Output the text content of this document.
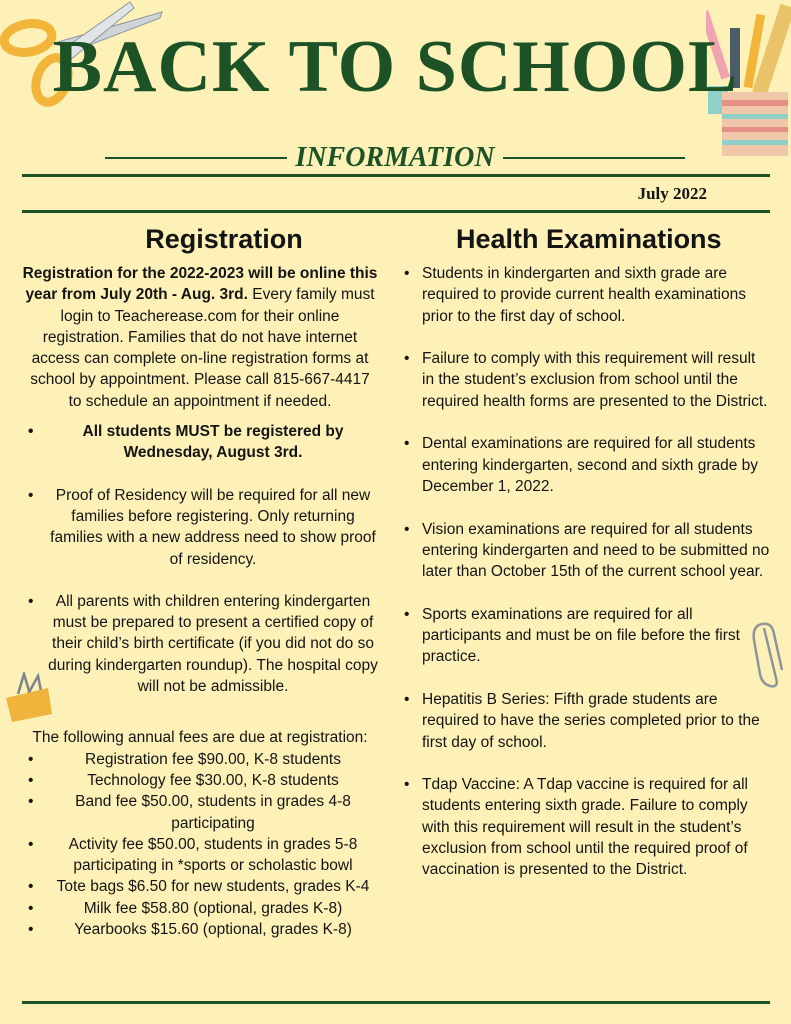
BACK TO SCHOOL
INFORMATION
July 2022
Registration	Health Examinations

Registration for the 2022-2023 will be online this year from July 20th - Aug. 3rd. Every family must login to Teacherease.com for their online registration. Families that do not have internet access can complete on-line registration forms at school by appointment. Please call 815-667-4417 to schedule an appointment if needed.

• All students MUST be registered by Wednesday, August 3rd.
• Proof of Residency will be required for all new families before registering. Only returning families with a new address need to show proof of residency.
• All parents with children entering kindergarten must be prepared to present a certified copy of their child’s birth certificate (if you did not do so during kindergarten roundup). The hospital copy will not be admissible.

The following annual fees are due at registration:

• Registration fee $90.00, K-8 students
• Technology fee $30.00, K-8 students
• Band fee $50.00, students in grades 4-8 participating
• Activity fee $50.00, students in grades 5-8 participating in *sports or scholastic bowl
• Tote bags $6.50 for new students, grades K-4
• Milk fee $58.80 (optional, grades K-8)
• Yearbooks $15.60 (optional, grades K-8)
• Students in kindergarten and sixth grade are required to provide current health examinations prior to the first day of school.
• Failure to comply with this requirement will result in the student’s exclusion from school until the required health forms are presented to the District.
• Dental examinations are required for all students entering kindergarten, second and sixth grade by December 1, 2022.
• Vision examinations are required for all students entering kindergarten and need to be submitted no later than October 15th of the current school year.
• Sports examinations are required for all participants and must be on file before the first practice.
• Hepatitis B Series: Fifth grade students are required to have the series completed prior to the first day of school.
• Tdap Vaccine: A Tdap vaccine is required for all students entering sixth grade. Failure to comply with this requirement will result in the student’s exclusion from school until the required proof of vaccination is presented to the District.
